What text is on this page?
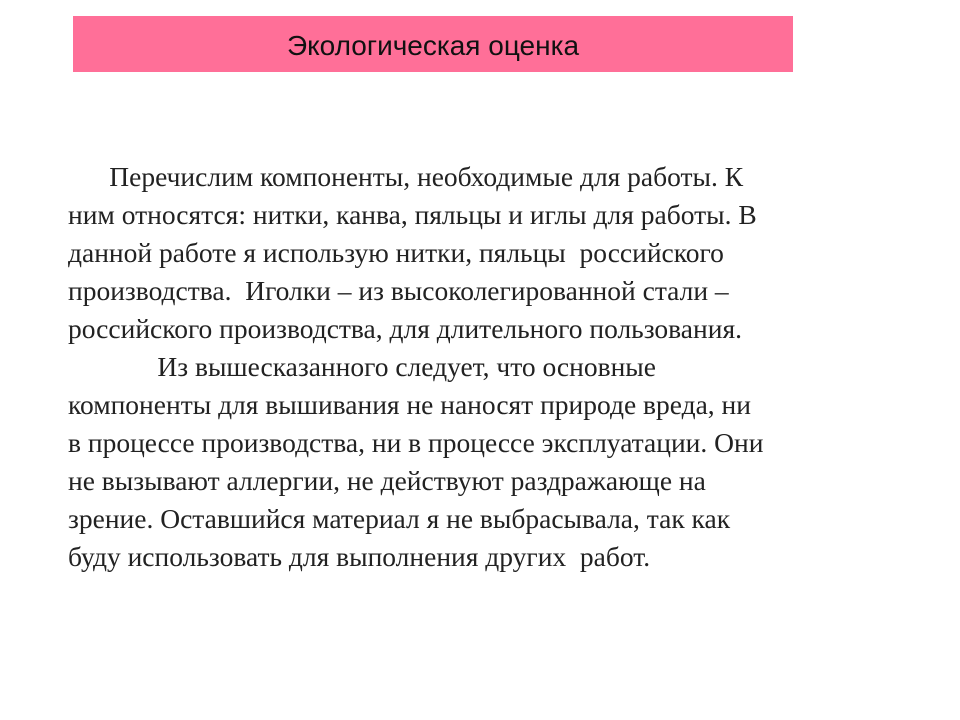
Экологическая оценка
Перечислим компоненты, необходимые для работы. К
ним относятся: нитки, канва, пяльцы и иглы для работы. В
данной работе я использую нитки, пяльцы  российского
производства.  Иголки – из высоколегированной стали –
российского производства, для длительного пользования.
Из вышесказанного следует, что основные
компоненты для вышивания не наносят природе вреда, ни
в процессе производства, ни в процессе эксплуатации. Они
не вызывают аллергии, не действуют раздражающе на
зрение. Оставшийся материал я не выбрасывала, так как
буду использовать для выполнения других  работ.
